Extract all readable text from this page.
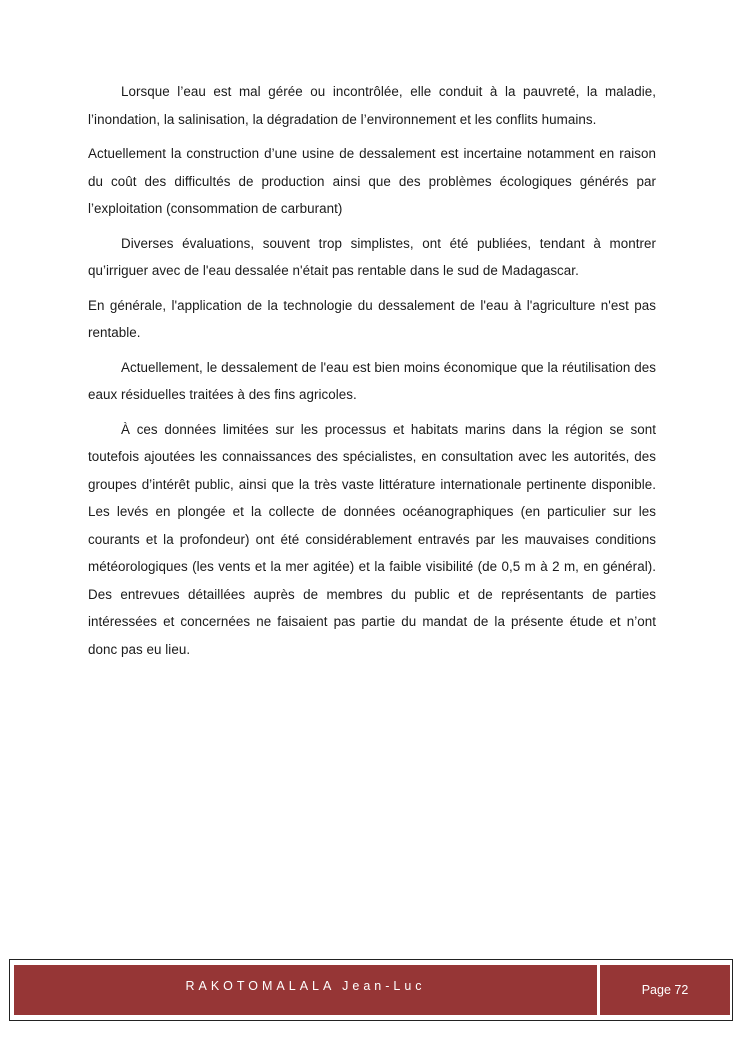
Lorsque l’eau est mal gérée ou incontrôlée, elle conduit à la pauvreté, la maladie, l’inondation, la salinisation, la dégradation de l’environnement et les conflits humains.

Actuellement la construction d’une usine de dessalement est incertaine notamment en raison du coût des difficultés de production ainsi que des problèmes écologiques générés par l’exploitation (consommation de carburant)

Diverses évaluations, souvent trop simplistes, ont été publiées, tendant à montrer qu’irriguer avec de l'eau dessalée n'était pas rentable dans le sud de Madagascar.

En générale, l'application de la technologie du dessalement de l'eau à l'agriculture n'est pas rentable.

Actuellement, le dessalement de l'eau est bien moins économique que la réutilisation des eaux résiduelles traitées à des fins agricoles.

À ces données limitées sur les processus et habitats marins dans la région se sont toutefois ajoutées les connaissances des spécialistes, en consultation avec les autorités, des groupes d’intérêt public, ainsi que la très vaste littérature internationale pertinente disponible. Les levés en plongée et la collecte de données océanographiques (en particulier sur les courants et la profondeur) ont été considérablement entravés par les mauvaises conditions météorologiques (les vents et la mer agitée) et la faible visibilité (de 0,5 m à 2 m, en général). Des entrevues détaillées auprès de membres du public et de représentants de parties intéressées et concernées ne faisaient pas partie du mandat de la présente étude et n’ont donc pas eu lieu.

RAKOTOMALALA Jean-Luc	Page 72
